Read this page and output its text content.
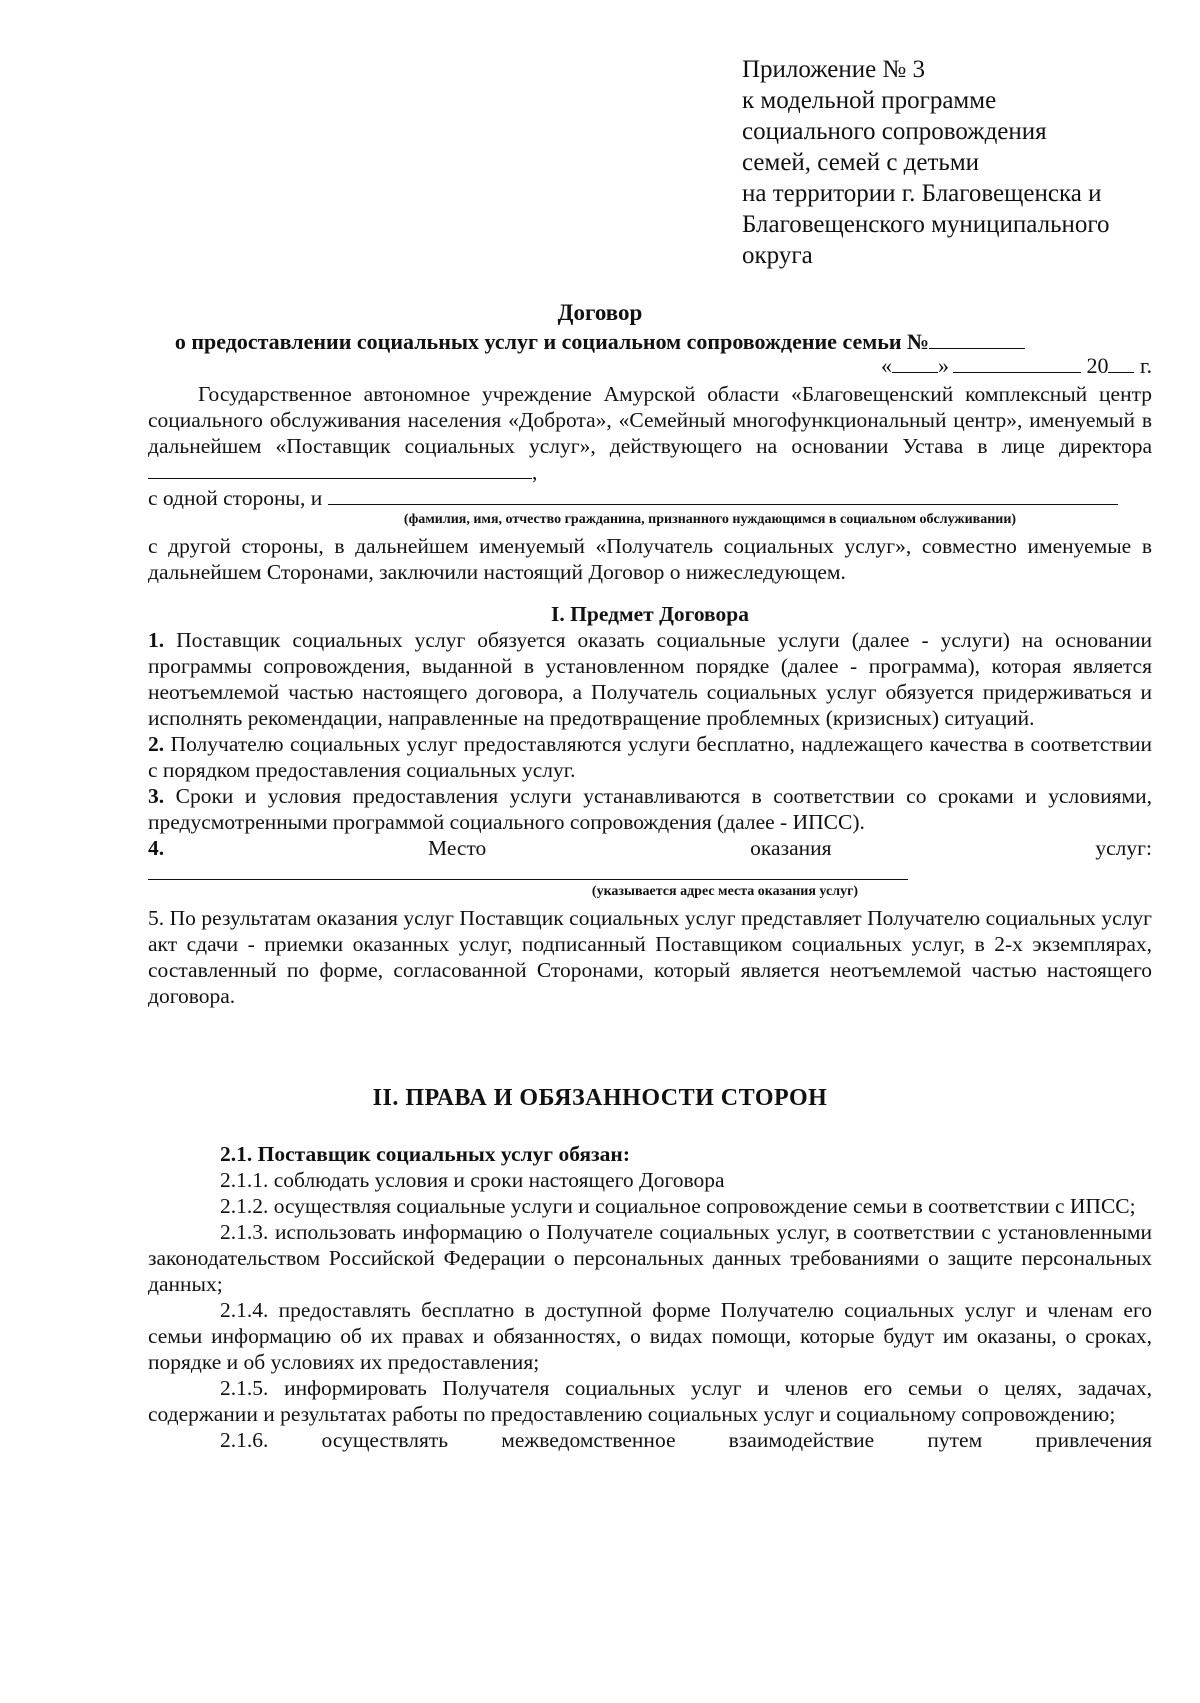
Приложение № 3
к модельной программе
социального сопровождения
семей, семей с детьми
на территории г. Благовещенска и
Благовещенского муниципального
округа
Договор
о предоставлении социальных услуг и социальном сопровождение семьи №
« »	20 г.
Государственное автономное учреждение Амурской области «Благовещенский комплексный центр социального обслуживания населения «Доброта», «Семейный многофункциональный центр», именуемый в дальнейшем «Поставщик социальных услуг», действующего на основании Устава в лице директора ,
с одной стороны, и
(фамилия, имя, отчество гражданина, признанного нуждающимся в социальном обслуживании)
с другой стороны, в дальнейшем именуемый «Получатель социальных услуг», совместно именуемые в дальнейшем Сторонами, заключили настоящий Договор о нижеследующем.
I. Предмет Договора
1. Поставщик социальных услуг обязуется оказать социальные услуги (далее - услуги) на основании программы сопровождения, выданной в установленном порядке (далее - программа), которая является неотъемлемой частью настоящего договора, а Получатель социальных услуг обязуется придерживаться и исполнять рекомендации, направленные на предотвращение проблемных (кризисных) ситуаций.
2. Получателю социальных услуг предоставляются услуги бесплатно, надлежащего качества в соответствии с порядком предоставления социальных услуг.
3. Сроки и условия предоставления услуги устанавливаются в соответствии со сроками и условиями, предусмотренными программой социального сопровождения (далее - ИПСС).
4.	Место	оказания	услуг:
(указывается адрес места оказания услуг)
5. По результатам оказания услуг Поставщик социальных услуг представляет Получателю социальных услуг акт сдачи - приемки оказанных услуг, подписанный Поставщиком социальных услуг, в 2-х экземплярах, составленный по форме, согласованной Сторонами, который является неотъемлемой частью настоящего договора.
II. ПРАВА И ОБЯЗАННОСТИ СТОРОН
2.1. Поставщик социальных услуг обязан:
2.1.1. соблюдать условия и сроки настоящего Договора
2.1.2. осуществляя социальные услуги и социальное сопровождение семьи в соответствии с ИПСС;
2.1.3. использовать информацию о Получателе социальных услуг, в соответствии с установленными законодательством Российской Федерации о персональных данных требованиями о защите персональных данных;
2.1.4. предоставлять бесплатно в доступной форме Получателю социальных услуг и членам его семьи информацию об их правах и обязанностях, о видах помощи, которые будут им оказаны, о сроках, порядке и об условиях их предоставления;
2.1.5. информировать Получателя социальных услуг и членов его семьи о целях, задачах, содержании и результатах работы по предоставлению социальных услуг и социальному сопровождению;
2.1.6. осуществлять межведомственное взаимодействие путем привлечения
